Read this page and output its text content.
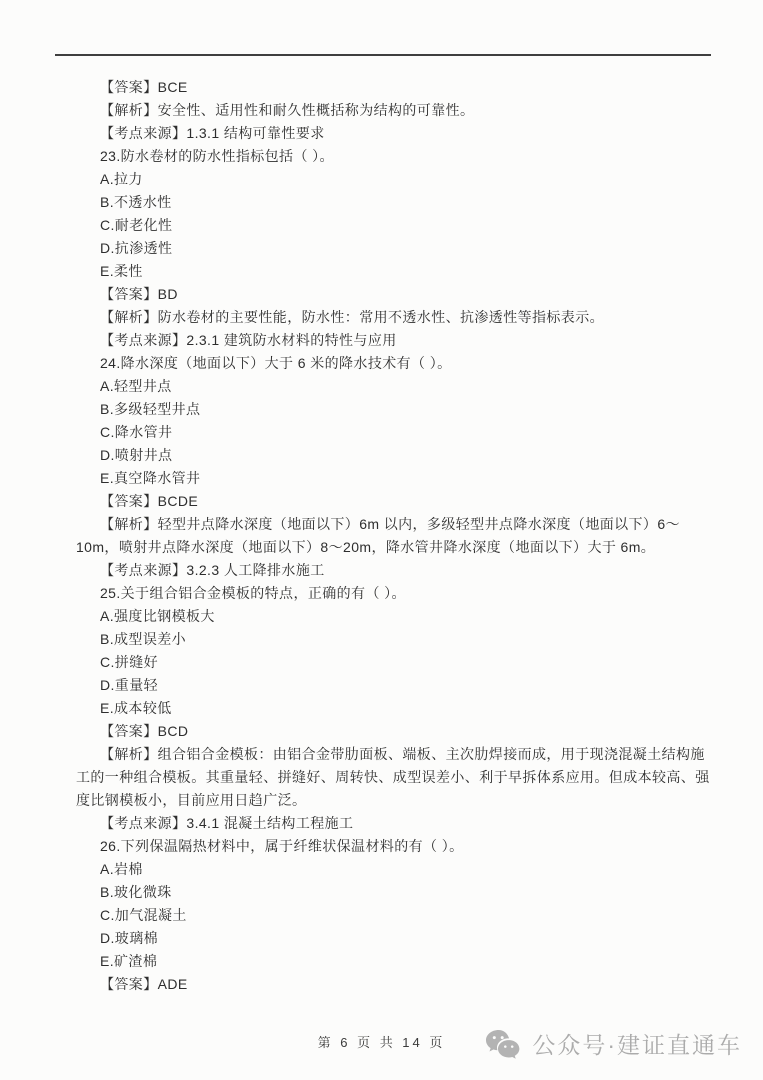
【答案】BCE

【解析】安全性、适用性和耐久性概括称为结构的可靠性。

【考点来源】1.3.1 结构可靠性要求

23.防水卷材的防水性指标包括（ ）。

A.拉力

B.不透水性

C.耐老化性

D.抗渗透性

E.柔性

【答案】BD

【解析】防水卷材的主要性能，防水性：常用不透水性、抗渗透性等指标表示。

【考点来源】2.3.1 建筑防水材料的特性与应用

24.降水深度（地面以下）大于 6 米的降水技术有（ ）。

A.轻型井点

B.多级轻型井点

C.降水管井

D.喷射井点

E.真空降水管井

【答案】BCDE

【解析】轻型井点降水深度（地面以下）6m 以内，多级轻型井点降水深度（地面以下）6～10m，喷射井点降水深度（地面以下）8～20m，降水管井降水深度（地面以下）大于 6m。

【考点来源】3.2.3 人工降排水施工

25.关于组合铝合金模板的特点，正确的有（ ）。

A.强度比钢模板大

B.成型误差小

C.拼缝好

D.重量轻

E.成本较低

【答案】BCD

【解析】组合铝合金模板：由铝合金带肋面板、端板、主次肋焊接而成，用于现浇混凝土结构施工的一种组合模板。其重量轻、拼缝好、周转快、成型误差小、利于早拆体系应用。但成本较高、强度比钢模板小，目前应用日趋广泛。

【考点来源】3.4.1 混凝土结构工程施工

26.下列保温隔热材料中，属于纤维状保温材料的有（ ）。

A.岩棉

B.玻化微珠

C.加气混凝土

D.玻璃棉

E.矿渣棉

【答案】ADE

第 6 页 共 14 页	公众号·建证直通车
